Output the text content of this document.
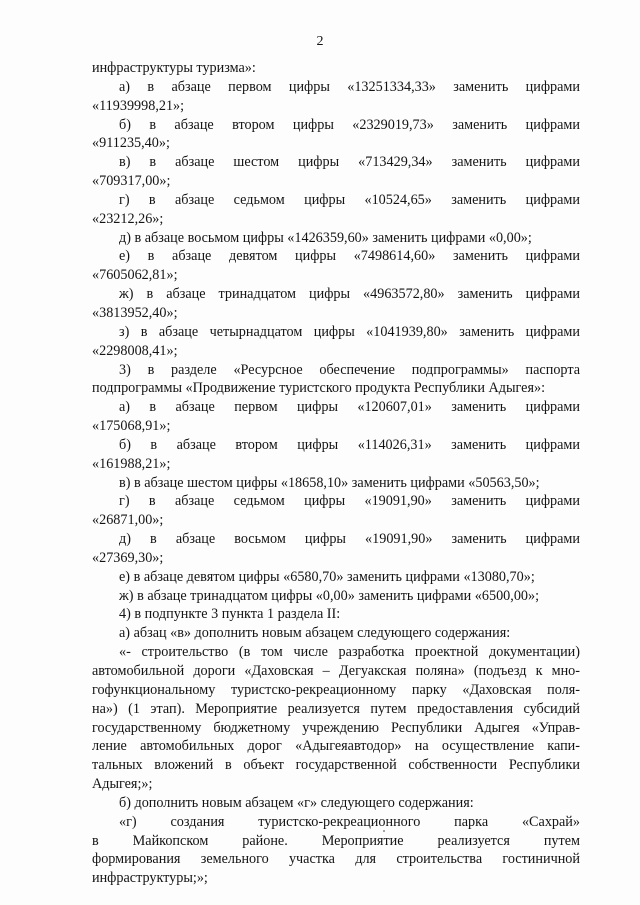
2
инфраструктуры туризма»:
а) в абзаце первом цифры «13251334,33» заменить цифрами
«11939998,21»;
б) в абзаце втором цифры «2329019,73» заменить цифрами
«911235,40»;
в) в абзаце шестом цифры «713429,34» заменить цифрами
«709317,00»;
г) в абзаце седьмом цифры «10524,65» заменить цифрами
«23212,26»;
д) в абзаце восьмом цифры «1426359,60» заменить цифрами «0,00»;
е) в абзаце девятом цифры «7498614,60» заменить цифрами
«7605062,81»;
ж) в абзаце тринадцатом цифры «4963572,80» заменить цифрами
«3813952,40»;
з) в абзаце четырнадцатом цифры «1041939,80» заменить цифрами
«2298008,41»;
3) в разделе «Ресурсное обеспечение подпрограммы» паспорта
подпрограммы «Продвижение туристского продукта Республики Адыгея»:
а) в абзаце первом цифры «120607,01» заменить цифрами
«175068,91»;
б) в абзаце втором цифры «114026,31» заменить цифрами
«161988,21»;
в) в абзаце шестом цифры «18658,10» заменить цифрами «50563,50»;
г) в абзаце седьмом цифры «19091,90» заменить цифрами
«26871,00»;
д) в абзаце восьмом цифры «19091,90» заменить цифрами
«27369,30»;
е) в абзаце девятом цифры «6580,70» заменить цифрами «13080,70»;
ж) в абзаце тринадцатом цифры «0,00» заменить цифрами «6500,00»;
4) в подпункте 3 пункта 1 раздела II:
а) абзац «в» дополнить новым абзацем следующего содержания:
«- строительство (в том числе разработка проектной документации)
автомобильной дороги «Даховская – Дегуакская поляна» (подъезд к мно-
гофункциональному туристско-рекреационному парку «Даховская поля-
на») (1 этап). Мероприятие реализуется путем предоставления субсидий
государственному бюджетному учреждению Республики Адыгея «Управ-
ление автомобильных дорог «Адыгеяавтодор» на осуществление капи-
тальных вложений в объект государственной собственности Республики
Адыгея;»;
б) дополнить новым абзацем «г» следующего содержания:
«г) создания туристско-рекреационного парка «Сахрай»
в Майкопском районе. Мероприятие реализуется путем
формирования земельного участка для строительства гостиничной
инфраструктуры;»;
